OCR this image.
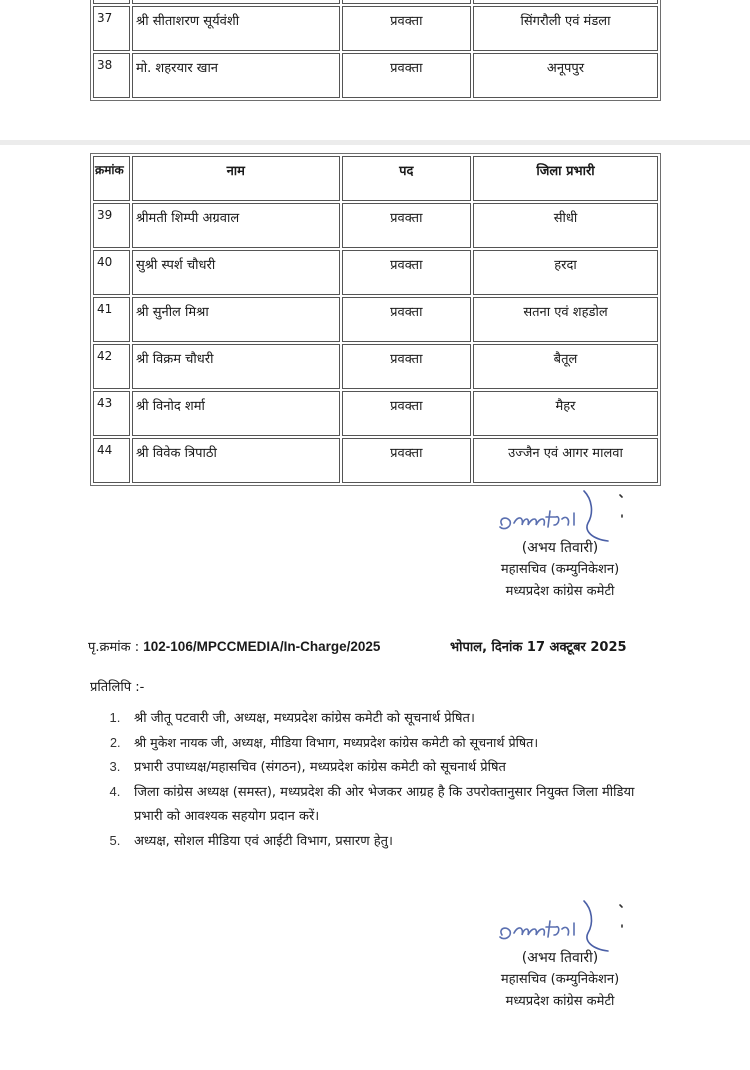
37	श्री सीताशरण सूर्यवंशी	प्रवक्ता	सिंगरौली एवं मंडला
38	मो. शहरयार खान	प्रवक्ता	अनूपपुर
क्रमांक	नाम	पद	जिला प्रभारी
39	श्रीमती शिम्पी अग्रवाल	प्रवक्ता	सीधी
40	सुश्री स्पर्श चौधरी	प्रवक्ता	हरदा
41	श्री सुनील मिश्रा	प्रवक्ता	सतना एवं शहडोल
42	श्री विक्रम चौधरी	प्रवक्ता	बैतूल
43	श्री विनोद शर्मा	प्रवक्ता	मैहर
44	श्री विवेक त्रिपाठी	प्रवक्ता	उज्जैन एवं आगर मालवा
(अभय तिवारी)
महासचिव (कम्युनिकेशन)
मध्यप्रदेश कांग्रेस कमेटी
पृ.क्रमांक : 102-106/MPCCMEDIA/In-Charge/2025	भोपाल, दिनांक 17 अक्टूबर 2025
प्रतिलिपि :-
1. श्री जीतू पटवारी जी, अध्यक्ष, मध्यप्रदेश कांग्रेस कमेटी को सूचनार्थ प्रेषित।
2. श्री मुकेश नायक जी, अध्यक्ष, मीडिया विभाग, मध्यप्रदेश कांग्रेस कमेटी को सूचनार्थ प्रेषित।
3. प्रभारी उपाध्यक्ष/महासचिव (संगठन), मध्यप्रदेश कांग्रेस कमेटी को सूचनार्थ प्रेषित
4. जिला कांग्रेस अध्यक्ष (समस्त), मध्यप्रदेश की ओर भेजकर आग्रह है कि उपरोक्तानुसार नियुक्त जिला मीडिया प्रभारी को आवश्यक सहयोग प्रदान करें।
5. अध्यक्ष, सोशल मीडिया एवं आईटी विभाग, प्रसारण हेतु।
(अभय तिवारी)
महासचिव (कम्युनिकेशन)
मध्यप्रदेश कांग्रेस कमेटी
